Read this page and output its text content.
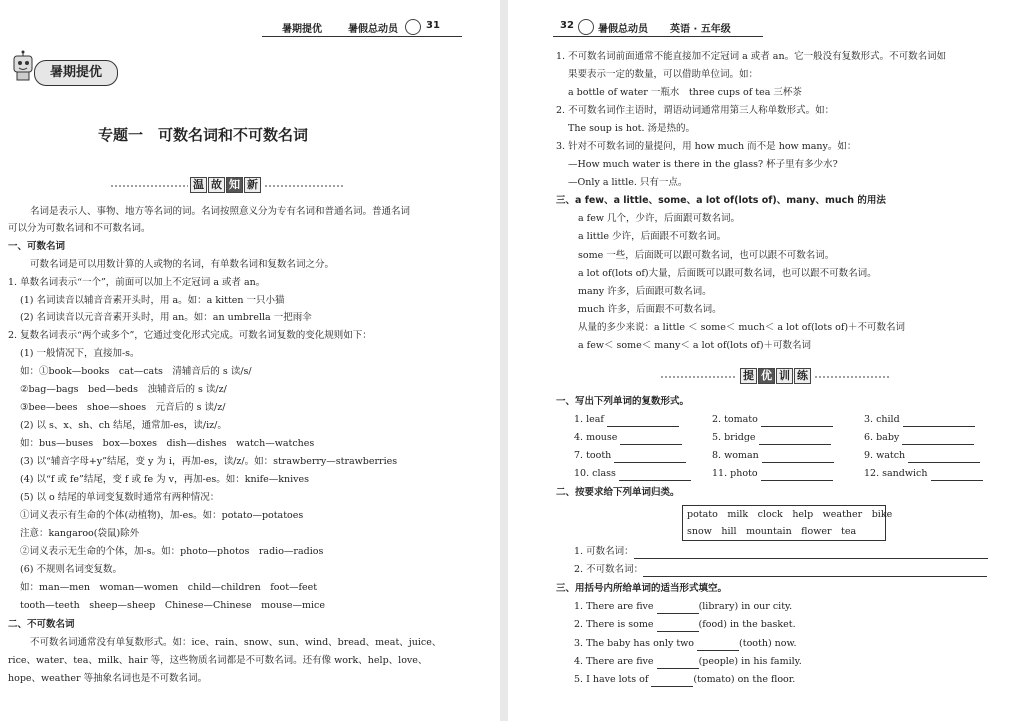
暑期提优	暑假总动员	31
暑期提优
专题一　可数名词和不可数名词
温 故 知 新
名词是表示人、事物、地方等名词的词。名词按照意义分为专有名词和普通名词。普通名词
可以分为可数名词和不可数名词。
一、可数名词
可数名词是可以用数计算的人或物的名词，有单数名词和复数名词之分。
1. 单数名词表示“一个”，前面可以加上不定冠词 a 或者 an。
(1) 名词读音以辅音音素开头时，用 a。如：a kitten 一只小猫
(2) 名词读音以元音音素开头时，用 an。如：an umbrella 一把雨伞
2. 复数名词表示“两个或多个”，它通过变化形式完成。可数名词复数的变化规则如下：
(1) 一般情况下，直接加-s。
如：①book—books　cat—cats　清辅音后的 s 读/s/
②bag—bags　bed—beds　浊辅音后的 s 读/z/
③bee—bees　shoe—shoes　元音后的 s 读/z/
(2) 以 s、x、sh、ch 结尾，通常加-es，读/iz/。
如：bus—buses　box—boxes　dish—dishes　watch—watches
(3) 以“辅音字母+y”结尾，变 y 为 i，再加-es，读/z/。如：strawberry—strawberries
(4) 以“f 或 fe”结尾，变 f 或 fe 为 v，再加-es。如：knife—knives
(5) 以 o 结尾的单词变复数时通常有两种情况：
①词义表示有生命的个体(动植物)，加-es。如：potato—potatoes
注意：kangaroo(袋鼠)除外
②词义表示无生命的个体，加-s。如：photo—photos　radio—radios
(6) 不规则名词变复数。
如：man—men　woman—women　child—children　foot—feet
tooth—teeth　sheep—sheep　Chinese—Chinese　mouse—mice
二、不可数名词
不可数名词通常没有单复数形式。如：ice、rain、snow、sun、wind、bread、meat、juice、
rice、water、tea、milk、hair 等，这些物质名词都是不可数名词。还有像 work、help、love、
hope、weather 等抽象名词也是不可数名词。
32 暑假总动员 英语 · 五年级
1. 不可数名词前面通常不能直接加不定冠词 a 或者 an。它一般没有复数形式。不可数名词如
果要表示一定的数量，可以借助单位词。如：
a bottle of water 一瓶水　three cups of tea 三杯茶
2. 不可数名词作主语时，谓语动词通常用第三人称单数形式。如：
The soup is hot. 汤是热的。
3. 针对不可数名词的量提问，用 how much 而不是 how many。如：
—How much water is there in the glass? 杯子里有多少水?
—Only a little. 只有一点。
三、a few、a little、some、a lot of(lots of)、many、much 的用法
a few 几个，少许，后面跟可数名词。
a little 少许，后面跟不可数名词。
some 一些，后面既可以跟可数名词，也可以跟不可数名词。
a lot of(lots of)大量，后面既可以跟可数名词，也可以跟不可数名词。
many 许多，后面跟可数名词。
much 许多，后面跟不可数名词。
从量的多少来说：a little ＜ some＜ much＜ a lot of(lots of)＋不可数名词
a few＜ some＜ many＜ a lot of(lots of)＋可数名词
提 优 训 练
一、写出下列单词的复数形式。
1. leaf	2. tomato	3. child
4. mouse	5. bridge	6. baby
7. tooth	8. woman	9. watch
10. class	11. photo	12. sandwich
二、按要求给下列单词归类。
potato　milk　clock　help　weather　bike
snow　hill　mountain　flower　tea
1. 可数名词：
2. 不可数名词：
三、用括号内所给单词的适当形式填空。
1. There are five	(library) in our city.
2. There is some	(food) in the basket.
3. The baby has only two	(tooth) now.
4. There are five	(people) in his family.
5. I have lots of	(tomato) on the floor.
